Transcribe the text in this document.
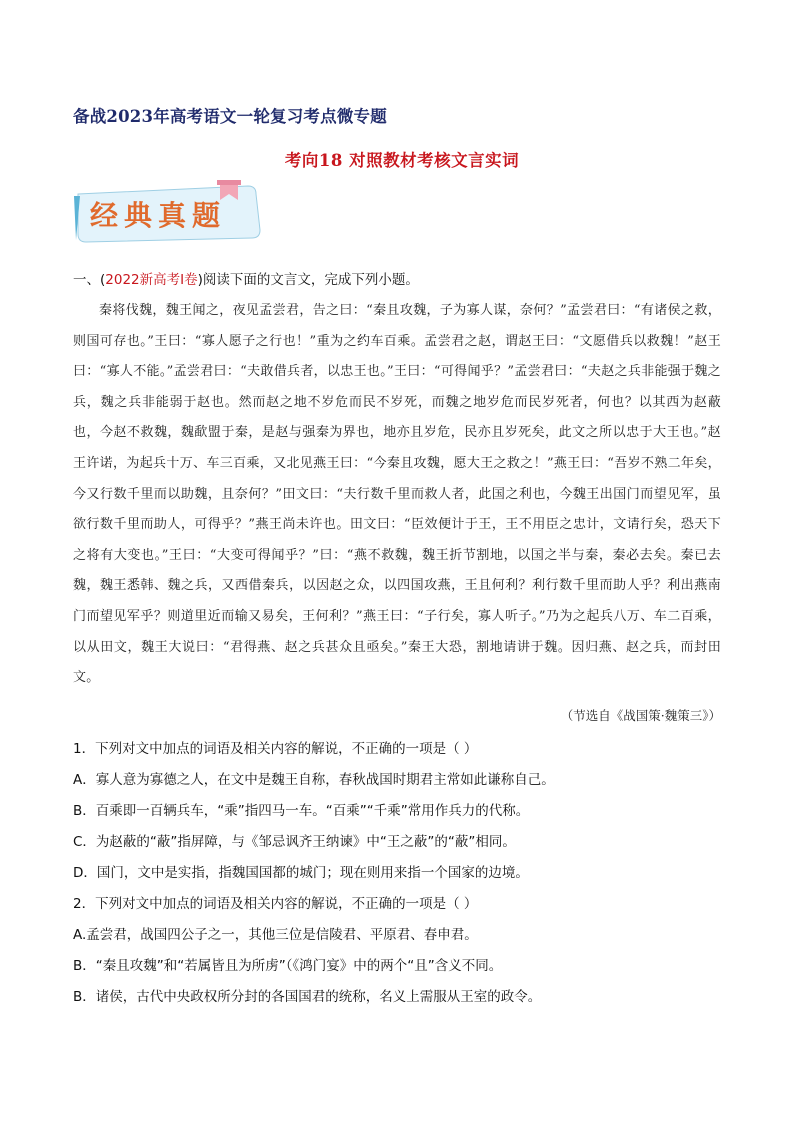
备战2023年高考语文一轮复习考点微专题
考向18 对照教材考核文言实词
经典真题
一、(2022新高考Ⅰ卷)阅读下面的文言文，完成下列小题。
秦将伐魏，魏王闻之，夜见孟尝君，告之曰：“秦且攻魏，子为寡人谋，奈何？”孟尝君曰：“有诸侯之救，则国可存也。”王曰：“寡人愿子之行也！”重为之约车百乘。孟尝君之赵，谓赵王曰：“文愿借兵以救魏！”赵王曰：“寡人不能。”孟尝君曰：“夫敢借兵者，以忠王也。”王曰：“可得闻乎？”孟尝君曰：“夫赵之兵非能强于魏之兵，魏之兵非能弱于赵也。然而赵之地不岁危而民不岁死，而魏之地岁危而民岁死者，何也？以其西为赵蔽也，今赵不救魏，魏歃盟于秦，是赵与强秦为界也，地亦且岁危，民亦且岁死矣，此文之所以忠于大王也。”赵王许诺，为起兵十万、车三百乘，又北见燕王曰：“今秦且攻魏，愿大王之救之！”燕王曰：“吾岁不熟二年矣，今又行数千里而以助魏，且奈何？”田文曰：“夫行数千里而救人者，此国之利也，今魏王出国门而望见军，虽欲行数千里而助人，可得乎？”燕王尚未许也。田文曰：“臣效便计于王，王不用臣之忠计，文请行矣，恐天下之将有大变也。”王曰：“大变可得闻乎？”曰：“燕不救魏，魏王折节割地，以国之半与秦，秦必去矣。秦已去魏，魏王悉韩、魏之兵，又西借秦兵，以因赵之众，以四国攻燕，王且何利？利行数千里而助人乎？利出燕南门而望见军乎？则道里近而输又易矣，王何利？”燕王曰：“子行矣，寡人听子。”乃为之起兵八万、车二百乘，以从田文，魏王大说曰：“君得燕、赵之兵甚众且亟矣。”秦王大恐，割地请讲于魏。因归燕、赵之兵，而封田文。
（节选自《战国策·魏策三》）
1．下列对文中加点的词语及相关内容的解说，不正确的一项是（ ）
A．寡人意为寡德之人，在文中是魏王自称，春秋战国时期君主常如此谦称自己。
B．百乘即一百辆兵车，“乘”指四马一车。“百乘”“千乘”常用作兵力的代称。
C．为赵蔽的“蔽”指屏障，与《邹忌讽齐王纳谏》中“王之蔽”的“蔽”相同。
D．国门，文中是实指，指魏国国都的城门；现在则用来指一个国家的边境。
2．下列对文中加点的词语及相关内容的解说，不正确的一项是（ ）
A.孟尝君，战国四公子之一，其他三位是信陵君、平原君、春申君。
B．“秦且攻魏”和“若属皆且为所虏”（《鸿门宴》中的两个“且”含义不同。
B．诸侯，古代中央政权所分封的各国国君的统称，名义上需服从王室的政令。
